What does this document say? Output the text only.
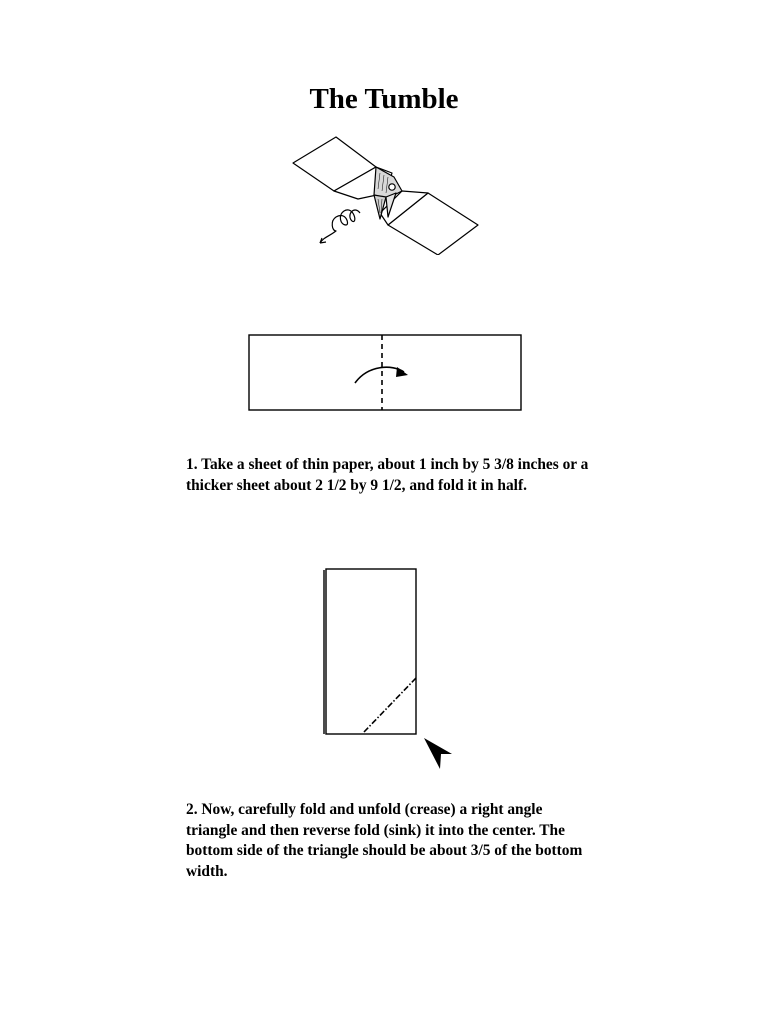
The Tumble

1. Take a sheet of thin paper, about 1 inch by 5 3/8 inches or a thicker sheet about 2 1/2 by 9 1/2, and fold it in half.

2. Now, carefully fold and unfold (crease) a right angle triangle and then reverse fold (sink) it into the center. The bottom side of the triangle should be about 3/5 of the bottom width.
